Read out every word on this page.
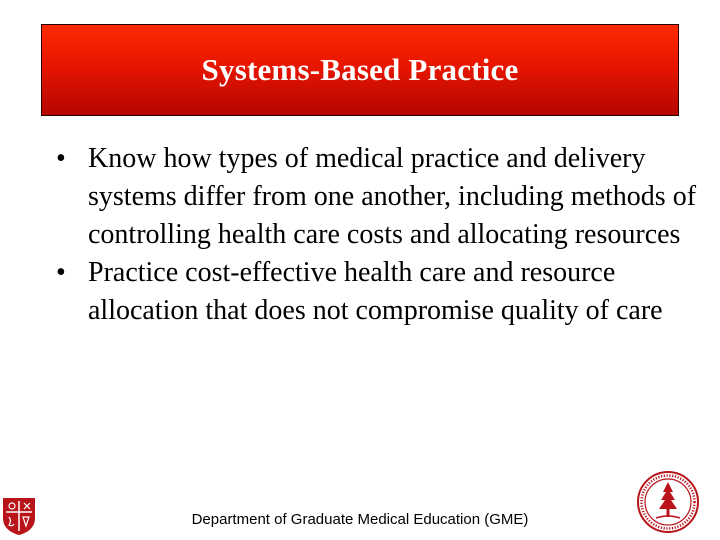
Systems-Based Practice
• Know how types of medical practice and delivery systems differ from one another, including methods of controlling health care costs and allocating resources
• Practice cost-effective health care and resource allocation that does not compromise quality of care
Department of Graduate Medical Education (GME)
